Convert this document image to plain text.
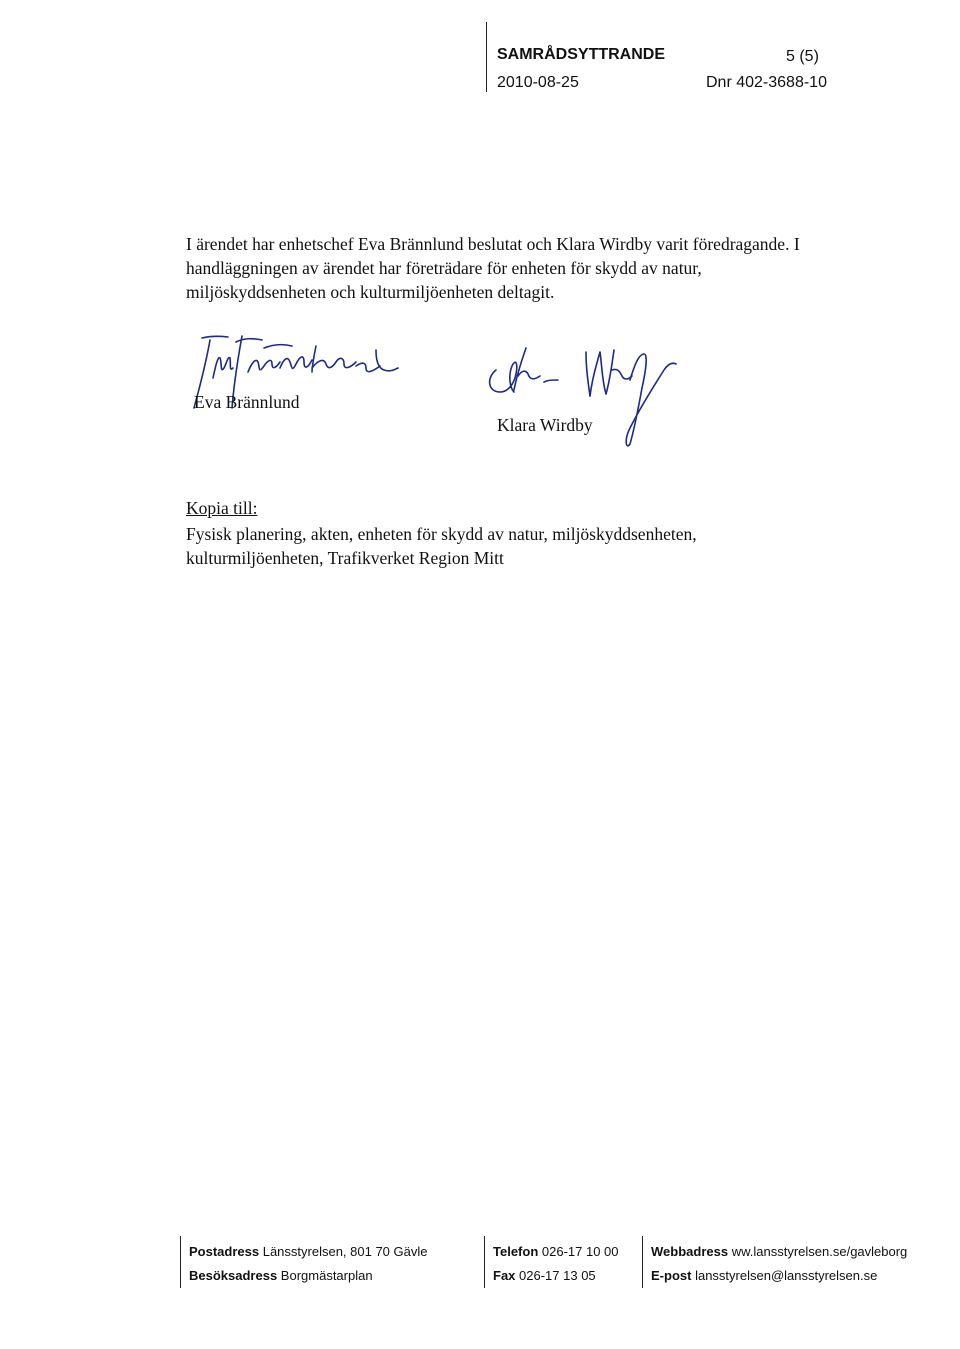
SAMRÅDSYTTRANDE	5 (5)
2010-08-25	Dnr 402-3688-10

I ärendet har enhetschef Eva Brännlund beslutat och Klara Wirdby varit föredragande. I handläggningen av ärendet har företrädare för enheten för skydd av natur, miljöskyddsenheten och kulturmiljöenheten deltagit.

Eva Brännlund
Klara Wirdby
Kopia till:

Fysisk planering, akten, enheten för skydd av natur, miljöskyddsenheten, kulturmiljöenheten, Trafikverket Region Mitt

Postadress Länsstyrelsen, 801 70 Gävle
Besöksadress Borgmästarplan
Telefon 026-17 10 00
Fax 026-17 13 05
Webbadress ww.lansstyrelsen.se/gavleborg
E-post lansstyrelsen@lansstyrelsen.se
